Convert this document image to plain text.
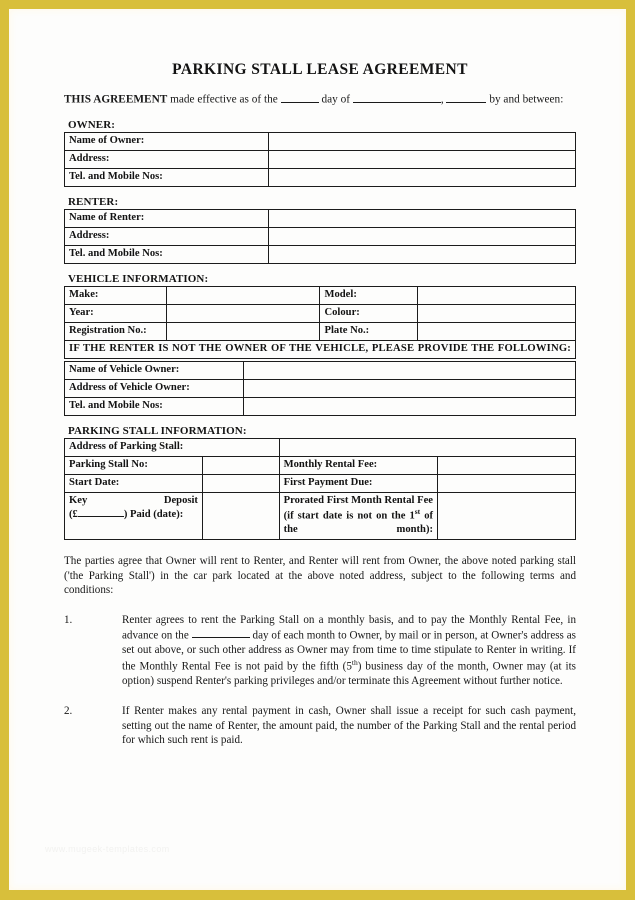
PARKING STALL LEASE AGREEMENT

THIS AGREEMENT made effective as of the	day of	,	by and between:

OWNER:
Name of Owner:	
Address:	
Tel. and Mobile Nos:	
RENTER:
Name of Renter:	
Address:	
Tel. and Mobile Nos:	
VEHICLE INFORMATION:
Make:		Model:	
Year:		Colour:	
Registration No.:		Plate No.:	
IF THE RENTER IS NOT THE OWNER OF THE VEHICLE, PLEASE PROVIDE THE FOLLOWING:			
Name of Vehicle Owner:	
Address of Vehicle Owner:	
Tel. and Mobile Nos:	
PARKING STALL INFORMATION:
Address of Parking Stall:			
Parking Stall No:		Monthly Rental Fee:	
Start Date:		First Payment Due:	

Key Deposit
(£ ) Paid (date):		Prorated First Month Rental Fee (if start date is not on the 1st of the month):	

The parties agree that Owner will rent to Renter, and Renter will rent from Owner, the above noted parking stall ('the Parking Stall') in the car park located at the above noted address, subject to the following terms and conditions:

1.	Renter agrees to rent the Parking Stall on a monthly basis, and to pay the Monthly Rental Fee, in advance on the	day of each month to Owner, by mail or in person, at Owner's address as set out above, or such other address as Owner may from time to time stipulate to Renter in writing. If the Monthly Rental Fee is not paid by the fifth (5th) business day of the month, Owner may (at its option) suspend Renter's parking privileges and/or terminate this Agreement without further notice.
2.	If Renter makes any rental payment in cash, Owner shall issue a receipt for such cash payment, setting out the name of Renter, the amount paid, the number of the Parking Stall and the rental period for which such rent is paid.
www.mugeek-templates.com
